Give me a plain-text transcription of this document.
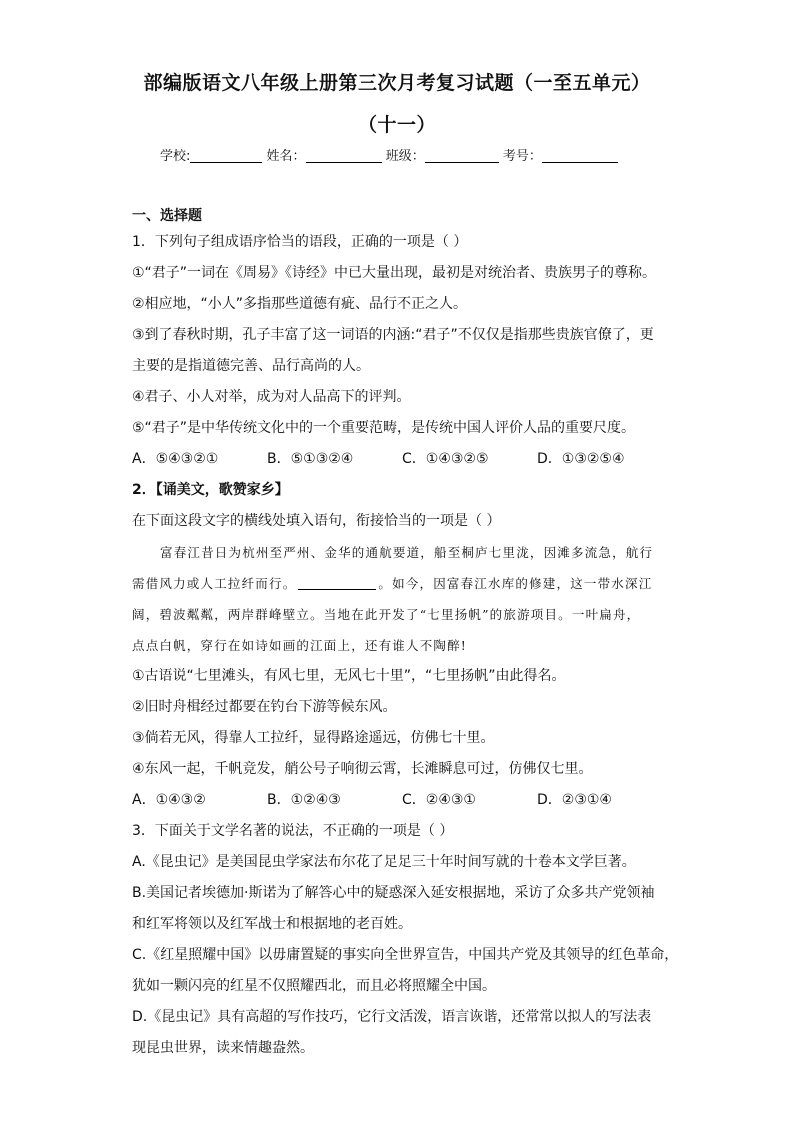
部编版语文八年级上册第三次月考复习试题（一至五单元）
（十一）
学校:	姓名：	班级：	考号：
一、选择题
1．下列句子组成语序恰当的语段，正确的一项是（ ）
①“君子”一词在《周易》《诗经》中已大量出现，最初是对统治者、贵族男子的尊称。
②相应地，“小人”多指那些道德有疵、品行不正之人。
③到了春秋时期，孔子丰富了这一词语的内涵:“君子”不仅仅是指那些贵族官僚了，更
主要的是指道德完善、品行高尚的人。
④君子、小人对举，成为对人品高下的评判。
⑤“君子”是中华传统文化中的一个重要范畴，是传统中国人评价人品的重要尺度。
A．⑤④③②①	B．⑤①③②④	C．①④③②⑤	D．①③②⑤④
2．【诵美文，歌赞家乡】
在下面这段文字的横线处填入语句，衔接恰当的一项是（ ）
富春江昔日为杭州至严州、金华的通航要道，船至桐庐七里泷，因滩多流急，航行
需借风力或人工拉纤而行。	。如今，因富春江水库的修建，这一带水深江
阔，碧波粼粼，两岸群峰壁立。当地在此开发了“七里扬帆”的旅游项目。一叶扁舟，
点点白帆，穿行在如诗如画的江面上，还有谁人不陶醉!
①古语说“七里滩头，有风七里，无风七十里”，“七里扬帆”由此得名。
②旧时舟楫经过都要在钓台下游等候东风。
③倘若无风，得靠人工拉纤，显得路途遥远，仿佛七十里。
④东风一起，千帆竞发，艄公号子响彻云霄，长滩瞬息可过，仿佛仅七里。
A．①④③②	B．①②④③	C．②④③①	D．②③①④
3．下面关于文学名著的说法，不正确的一项是（ ）
A.《昆虫记》是美国昆虫学家法布尔花了足足三十年时间写就的十卷本文学巨著。
B.美国记者埃德加·斯诺为了解答心中的疑惑深入延安根据地，采访了众多共产党领袖
和红军将领以及红军战士和根据地的老百姓。
C.《红星照耀中国》以毋庸置疑的事实向全世界宣告，中国共产党及其领导的红色革命，
犹如一颗闪亮的红星不仅照耀西北，而且必将照耀全中国。
D.《昆虫记》具有高超的写作技巧，它行文活泼，语言诙谐，还常常以拟人的写法表
现昆虫世界，读来情趣盎然。
